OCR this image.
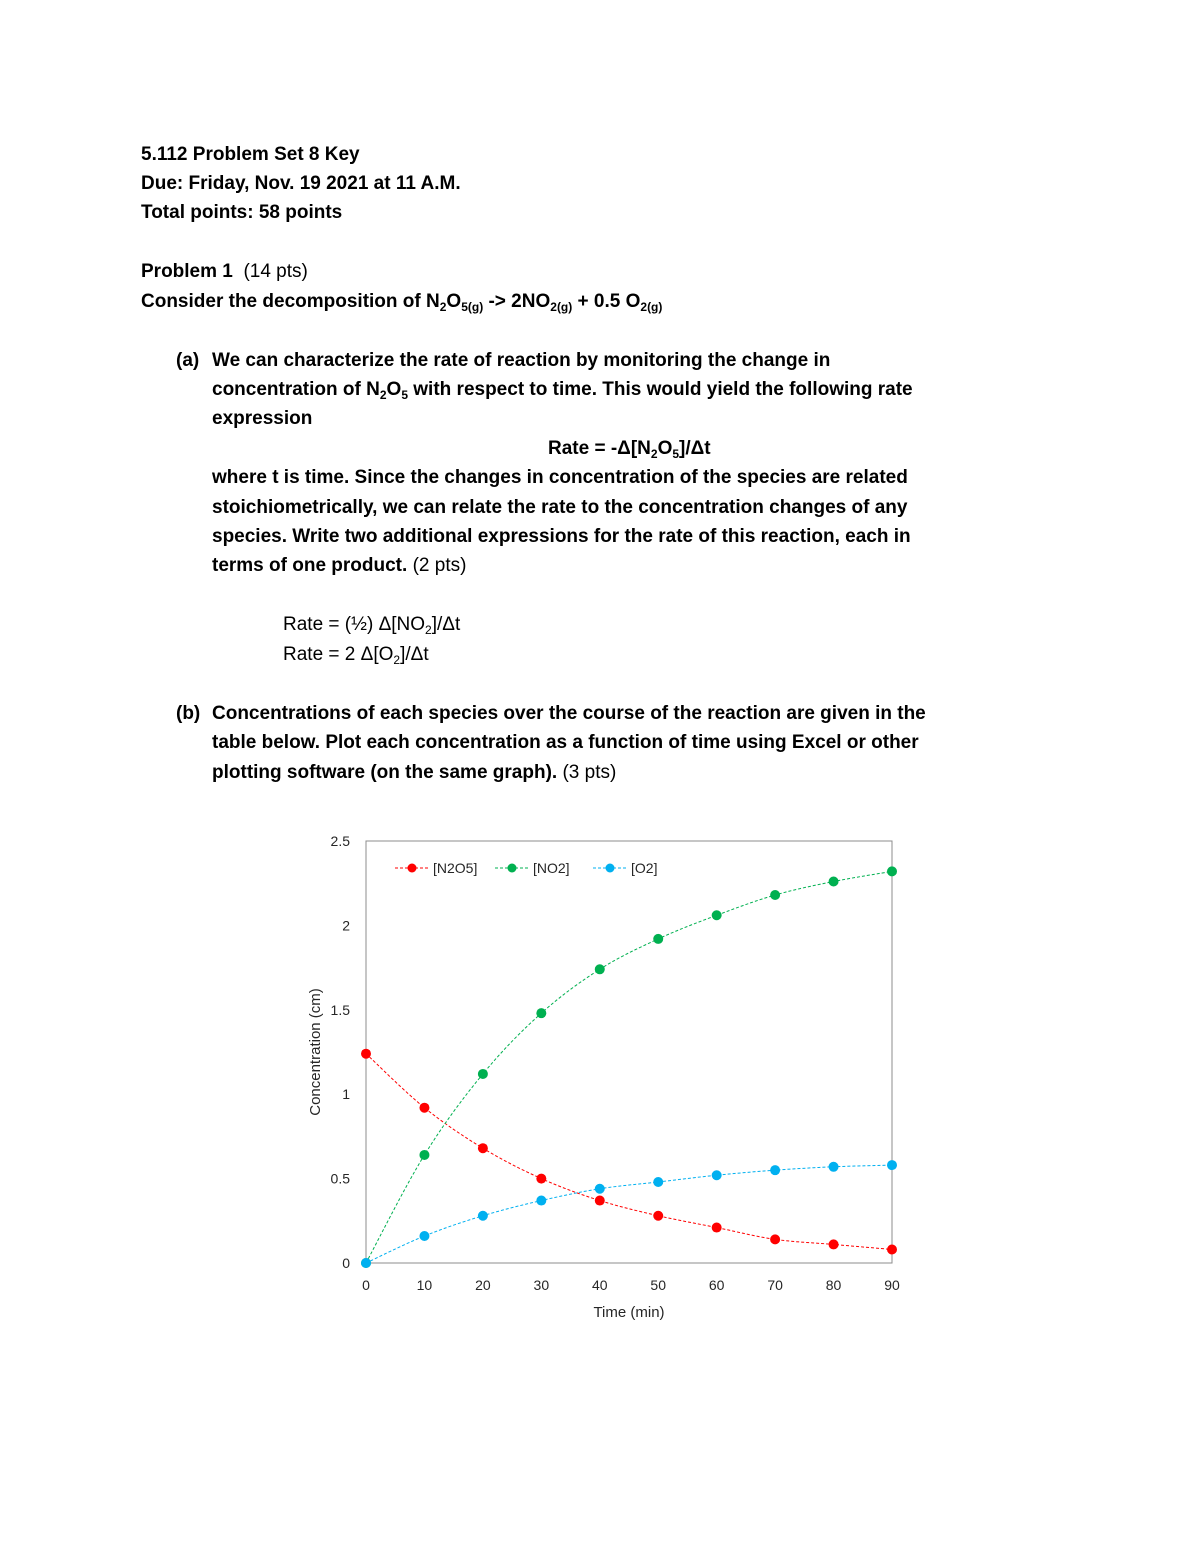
5.112 Problem Set 8 Key
Due: Friday, Nov. 19 2021 at 11 A.M.
Total points: 58 points
Problem 1 (14 pts)
Consider the decomposition of $N_2O_{5(g)} -> 2NO_{2(g)} + 0.5$ $O_{2(g)}$
(a) We can characterize the rate of reaction by monitoring the change in
concentration of $N_2O_5$ with respect to time. This would yield the following rate
expression
Rate = $-\Delta[N_2O_5]/\Delta t$
where t is time. Since the changes in concentration of the species are related
stoichiometrically, we can relate the rate to the concentration changes of any
species. Write two additional expressions for the rate of this reaction, each in
terms of one product. (2 pts)
Rate = (½) $\Delta[NO_2]/\Delta t$
Rate = 2 $\Delta[O_2]/\Delta t$
(b) Concentrations of each species over the course of the reaction are given in the
table below. Plot each concentration as a function of time using Excel or other
plotting software (on the same graph). (3 pts)
0
0.5
1
1.5
2
2.5
0	10	20	30	40	50	60	70	80	90
[N2O5]	[NO2]	[O2]
Time (min)
Concentration (cm)
